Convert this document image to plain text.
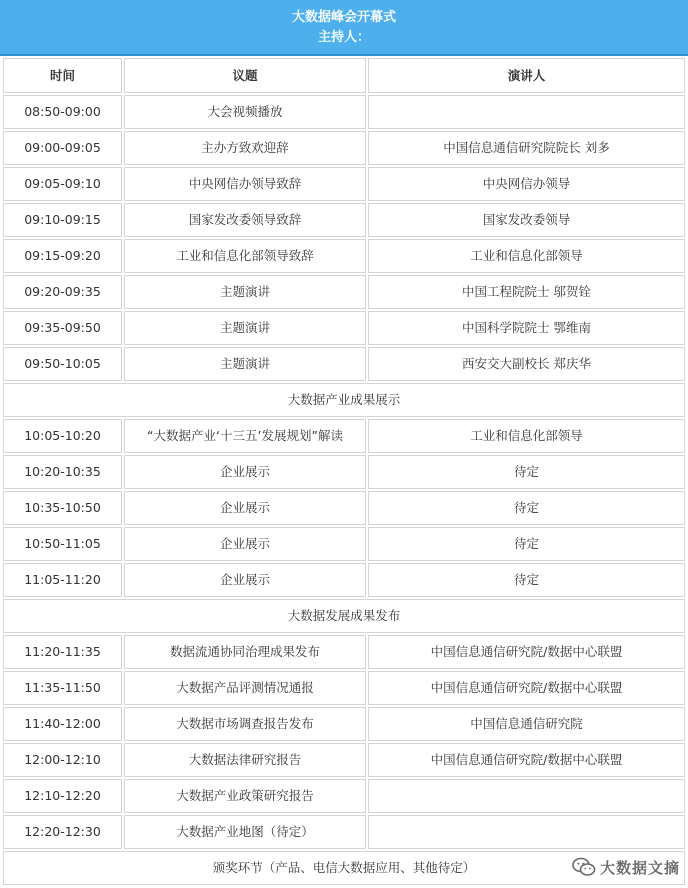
大数据峰会开幕式
主持人：
时间	议题	演讲人
08:50-09:00	大会视频播放	
09:00-09:05	主办方致欢迎辞	中国信息通信研究院院长 刘多
09:05-09:10	中央网信办领导致辞	中央网信办领导
09:10-09:15	国家发改委领导致辞	国家发改委领导
09:15-09:20	工业和信息化部领导致辞	工业和信息化部领导
09:20-09:35	主题演讲	中国工程院院士 邬贺铨
09:35-09:50	主题演讲	中国科学院院士 鄂维南
09:50-10:05	主题演讲	西安交大副校长 郑庆华
大数据产业成果展示		
10:05-10:20	“大数据产业‘十三五’发展规划”解读	工业和信息化部领导
10:20-10:35	企业展示	待定
10:35-10:50	企业展示	待定
10:50-11:05	企业展示	待定
11:05-11:20	企业展示	待定
大数据发展成果发布		
11:20-11:35	数据流通协同治理成果发布	中国信息通信研究院/数据中心联盟
11:35-11:50	大数据产品评测情况通报	中国信息通信研究院/数据中心联盟
11:40-12:00	大数据市场调查报告发布	中国信息通信研究院
12:00-12:10	大数据法律研究报告	中国信息通信研究院/数据中心联盟
12:10-12:20	大数据产业政策研究报告	
12:20-12:30	大数据产业地图（待定）	
颁奖环节（产品、电信大数据应用、其他待定）			大数据文摘
